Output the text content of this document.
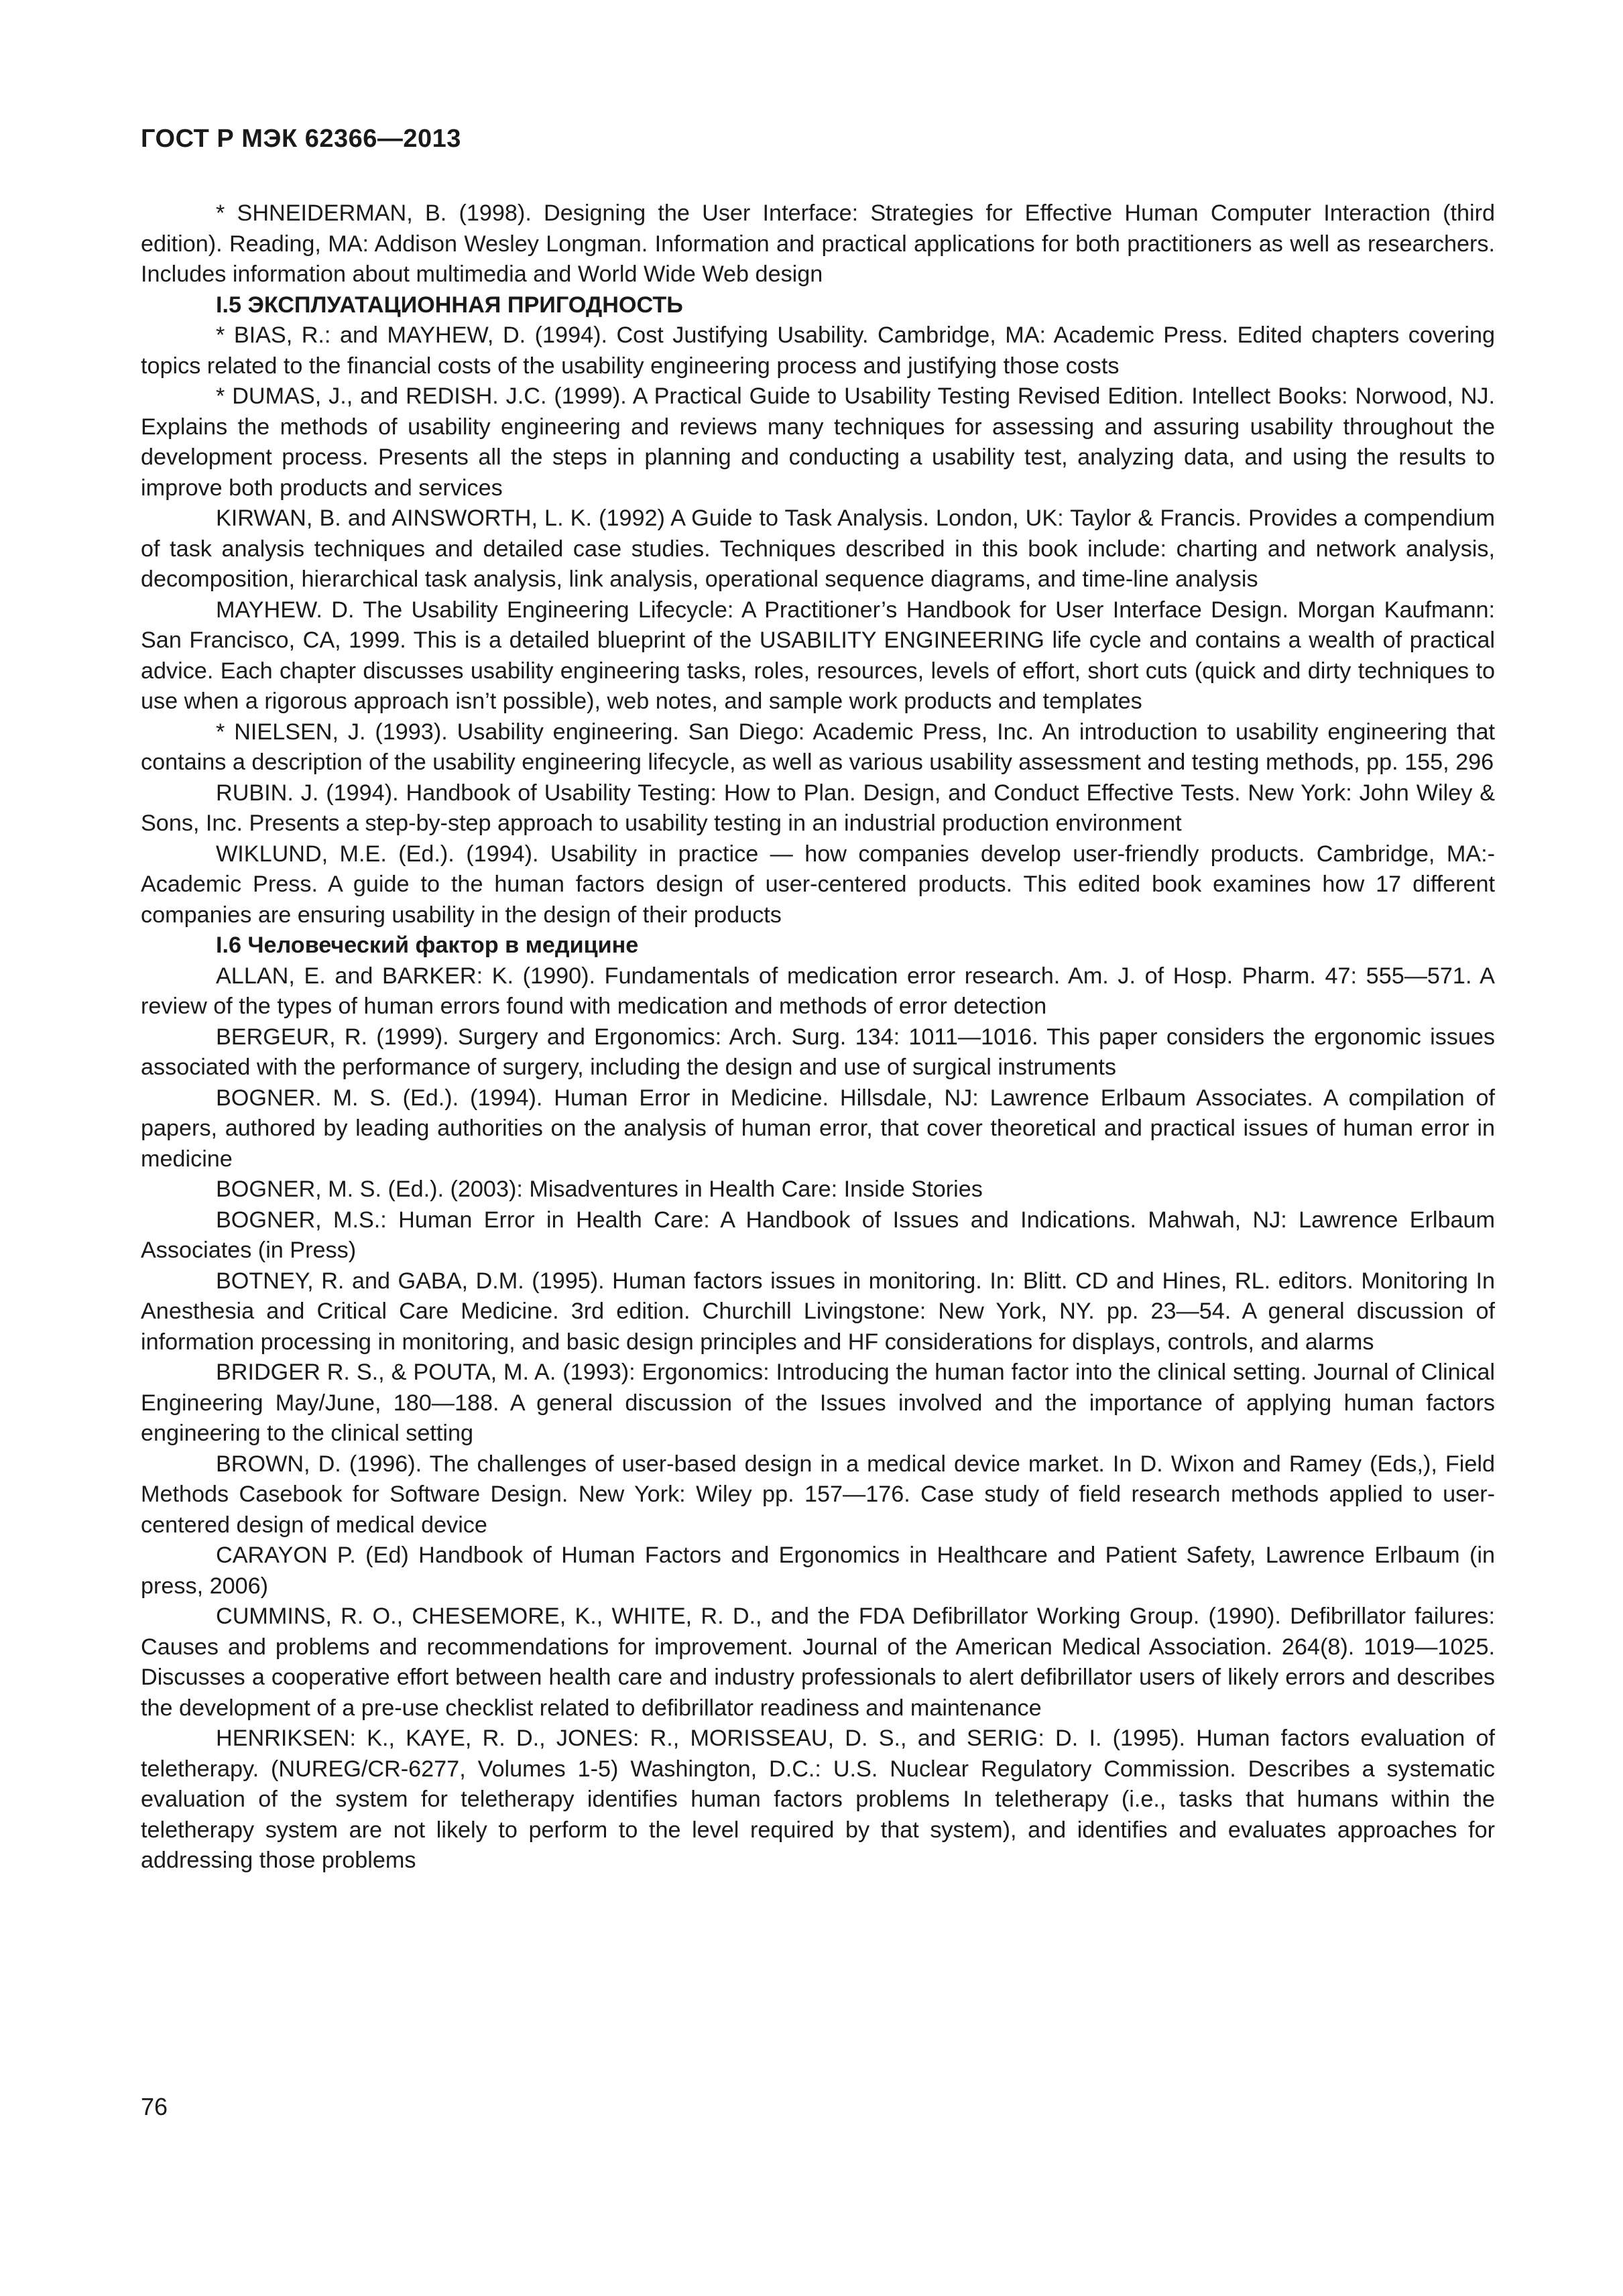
ГОСТ Р МЭК 62366—2013

* SHNEIDERMAN, B. (1998). Designing the User Interface: Strategies for Effective Human Computer Interaction (third edition). Reading, MA: Addison Wesley Longman. Information and practical applications for both practitioners as well as researchers. Includes information about multimedia and World Wide Web design

I.5 ЭКСПЛУАТАЦИОННАЯ ПРИГОДНОСТЬ

* BIAS, R.: and MAYHEW, D. (1994). Cost Justifying Usability. Cambridge, MA: Academic Press. Edited chapters covering topics related to the financial costs of the usability engineering process and justifying those costs

* DUMAS, J., and REDISH. J.C. (1999). A Practical Guide to Usability Testing Revised Edition. Intellect Books: Norwood, NJ. Explains the methods of usability engineering and reviews many techniques for assessing and assuring usability throughout the development process. Presents all the steps in planning and conducting a usability test, analyzing data, and using the results to improve both products and services

KIRWAN, B. and AINSWORTH, L. K. (1992) A Guide to Task Analysis. London, UK: Taylor & Francis. Provides a compendium of task analysis techniques and detailed case studies. Techniques described in this book include: charting and network analysis, decomposition, hierarchical task analysis, link analysis, operational sequence diagrams, and time-line analysis

MAYHEW. D. The Usability Engineering Lifecycle: A Practitioner’s Handbook for User Interface Design. Morgan Kaufmann: San Francisco, CA, 1999. This is a detailed blueprint of the USABILITY ENGINEERING life cycle and contains a wealth of practical advice. Each chapter discusses usability engineering tasks, roles, resources, levels of effort, short cuts (quick and dirty techniques to use when a rigorous approach isn’t possible), web notes, and sample work products and templates

* NIELSEN, J. (1993). Usability engineering. San Diego: Academic Press, Inc. An introduction to usability engineering that contains a description of the usability engineering lifecycle, as well as various usability assessment and testing methods, pp. 155, 296

RUBIN. J. (1994). Handbook of Usability Testing: How to Plan. Design, and Conduct Effective Tests. New York: John Wiley & Sons, Inc. Presents a step-by-step approach to usability testing in an industrial production environment

WIKLUND, M.E. (Ed.). (1994). Usability in practice — how companies develop user-friendly products. Cambridge, MA:- Academic Press. A guide to the human factors design of user-centered products. This edited book examines how 17 different companies are ensuring usability in the design of their products

I.6 Человеческий фактор в медицине

ALLAN, E. and BARKER: K. (1990). Fundamentals of medication error research. Am. J. of Hosp. Pharm. 47: 555—571. A review of the types of human errors found with medication and methods of error detection

BERGEUR, R. (1999). Surgery and Ergonomics: Arch. Surg. 134: 1011—1016. This paper considers the ergonomic issues associated with the performance of surgery, including the design and use of surgical instruments

BOGNER. M. S. (Ed.). (1994). Human Error in Medicine. Hillsdale, NJ: Lawrence Erlbaum Associates. A compilation of papers, authored by leading authorities on the analysis of human error, that cover theoretical and practical issues of human error in medicine

BOGNER, M. S. (Ed.). (2003): Misadventures in Health Care: Inside Stories

BOGNER, M.S.: Human Error in Health Care: A Handbook of Issues and Indications. Mahwah, NJ: Lawrence Erlbaum Associates (in Press)

BOTNEY, R. and GABA, D.M. (1995). Human factors issues in monitoring. In: Blitt. CD and Hines, RL. editors. Monitoring In Anesthesia and Critical Care Medicine. 3rd edition. Churchill Livingstone: New York, NY. pp. 23—54. A general discussion of information processing in monitoring, and basic design principles and HF considerations for displays, controls, and alarms

BRIDGER R. S., & POUTA, M. A. (1993): Ergonomics: Introducing the human factor into the clinical setting. Journal of Clinical Engineering May/June, 180—188. A general discussion of the Issues involved and the importance of applying human factors engineering to the clinical setting

BROWN, D. (1996). The challenges of user-based design in a medical device market. In D. Wixon and Ramey (Eds,), Field Methods Casebook for Software Design. New York: Wiley pp. 157—176. Case study of field research methods applied to user-centered design of medical device

CARAYON P. (Ed) Handbook of Human Factors and Ergonomics in Healthcare and Patient Safety, Lawrence Erlbaum (in press, 2006)

CUMMINS, R. O., CHESEMORE, K., WHITE, R. D., and the FDA Defibrillator Working Group. (1990). Defibrillator failures: Causes and problems and recommendations for improvement. Journal of the American Medical Association. 264(8). 1019—1025. Discusses a cooperative effort between health care and industry professionals to alert defibrillator users of likely errors and describes the development of a pre-use checklist related to defibrillator readiness and maintenance

HENRIKSEN: K., KAYE, R. D., JONES: R., MORISSEAU, D. S., and SERIG: D. I. (1995). Human factors evaluation of teletherapy. (NUREG/CR-6277, Volumes 1-5) Washington, D.C.: U.S. Nuclear Regulatory Commission. Describes a systematic evaluation of the system for teletherapy identifies human factors problems In teletherapy (i.e., tasks that humans within the teletherapy system are not likely to perform to the level required by that system), and identifies and evaluates approaches for addressing those problems

76
